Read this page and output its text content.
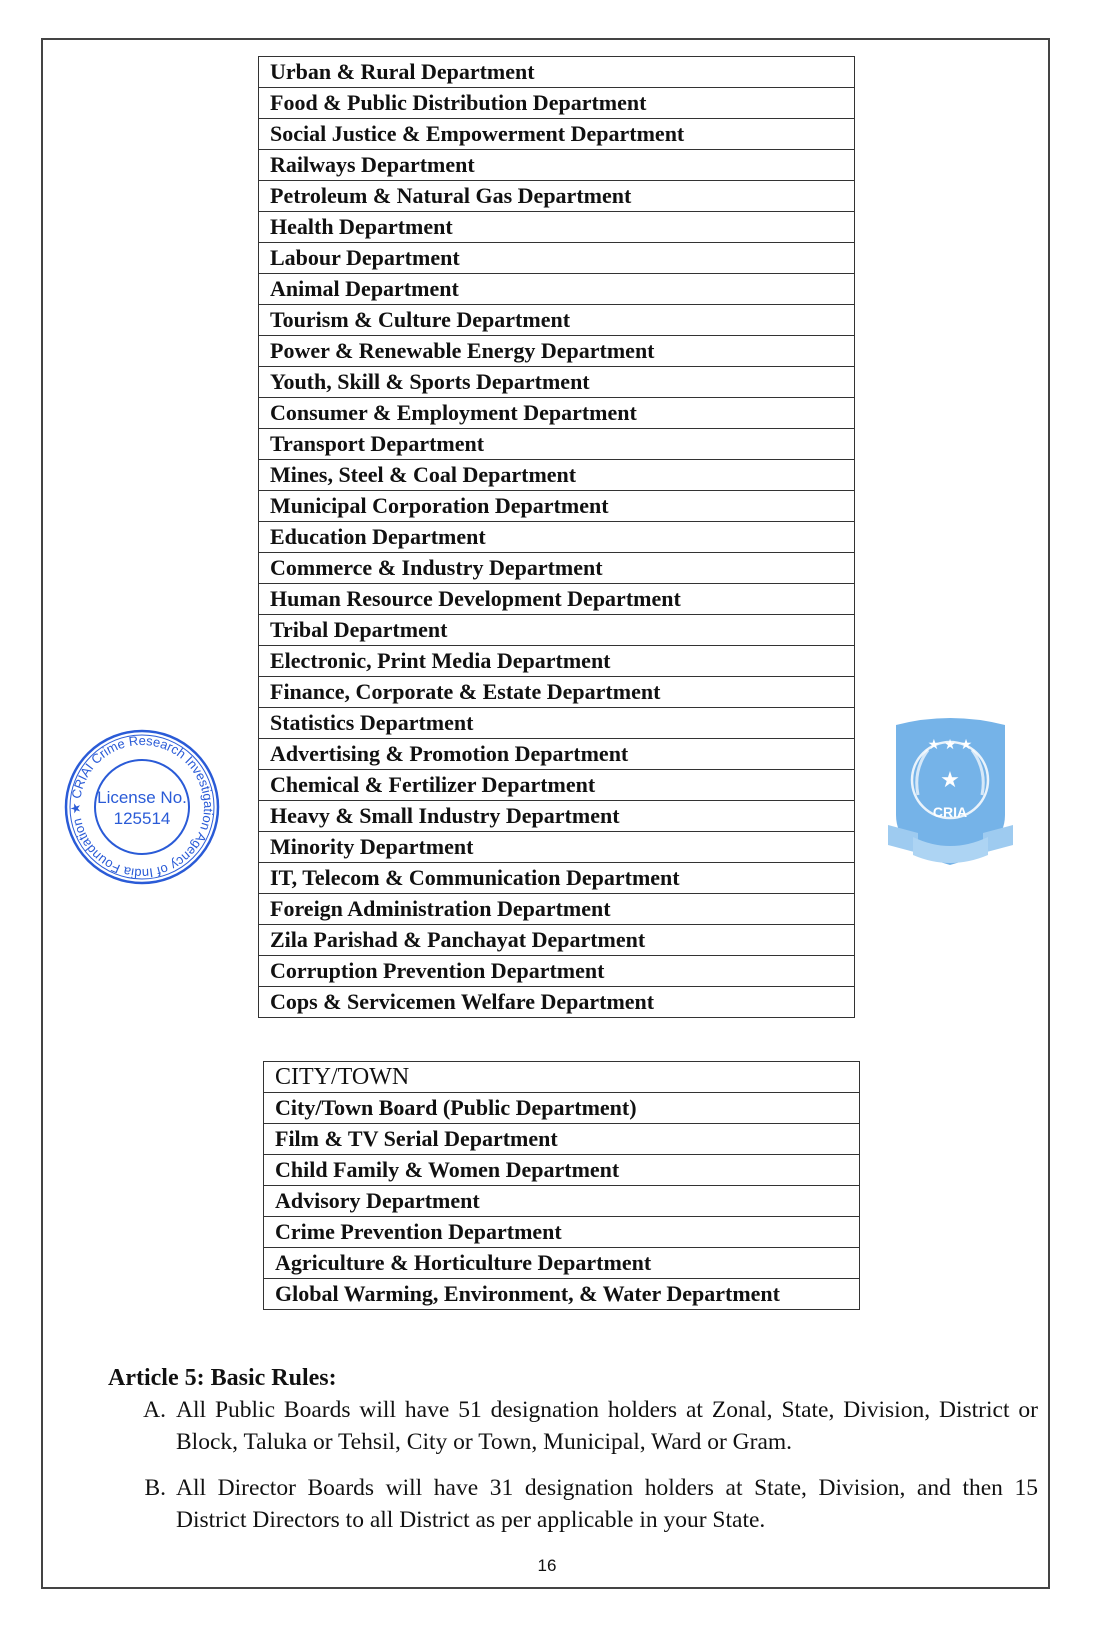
Urban & Rural Department
Food & Public Distribution Department
Social Justice & Empowerment Department
Railways Department
Petroleum & Natural Gas Department
Health Department
Labour Department
Animal Department
Tourism & Culture Department
Power & Renewable Energy Department
Youth, Skill & Sports Department
Consumer & Employment Department
Transport Department
Mines, Steel & Coal Department
Municipal Corporation Department
Education Department
Commerce & Industry Department
Human Resource Development Department
Tribal Department
Electronic, Print Media Department
Finance, Corporate & Estate Department
Statistics Department
Advertising & Promotion Department
Chemical & Fertilizer Department
Heavy & Small Industry Department
Minority Department
IT, Telecom & Communication Department
Foreign Administration Department
Zila Parishad & Panchayat Department
Corruption Prevention Department
Cops & Servicemen Welfare Department
CITY/TOWN
City/Town Board (Public Department)
Film & TV Serial Department
Child Family & Women Department
Advisory Department
Crime Prevention Department
Agriculture & Horticulture Department
Global Warming, Environment, & Water Department
Article 5: Basic Rules:
A. All Public Boards will have 51 designation holders at Zonal, State, Division, District or Block, Taluka or Tehsil, City or Town, Municipal, Ward or Gram.
B. All Director Boards will have 31 designation holders at State, Division, and then 15 District Directors to all District as per applicable in your State.
16
CRIAI Crime Research Investigation Agency of India Foundation ★
License No.
125514
★ ★ ★
★
CRIA
